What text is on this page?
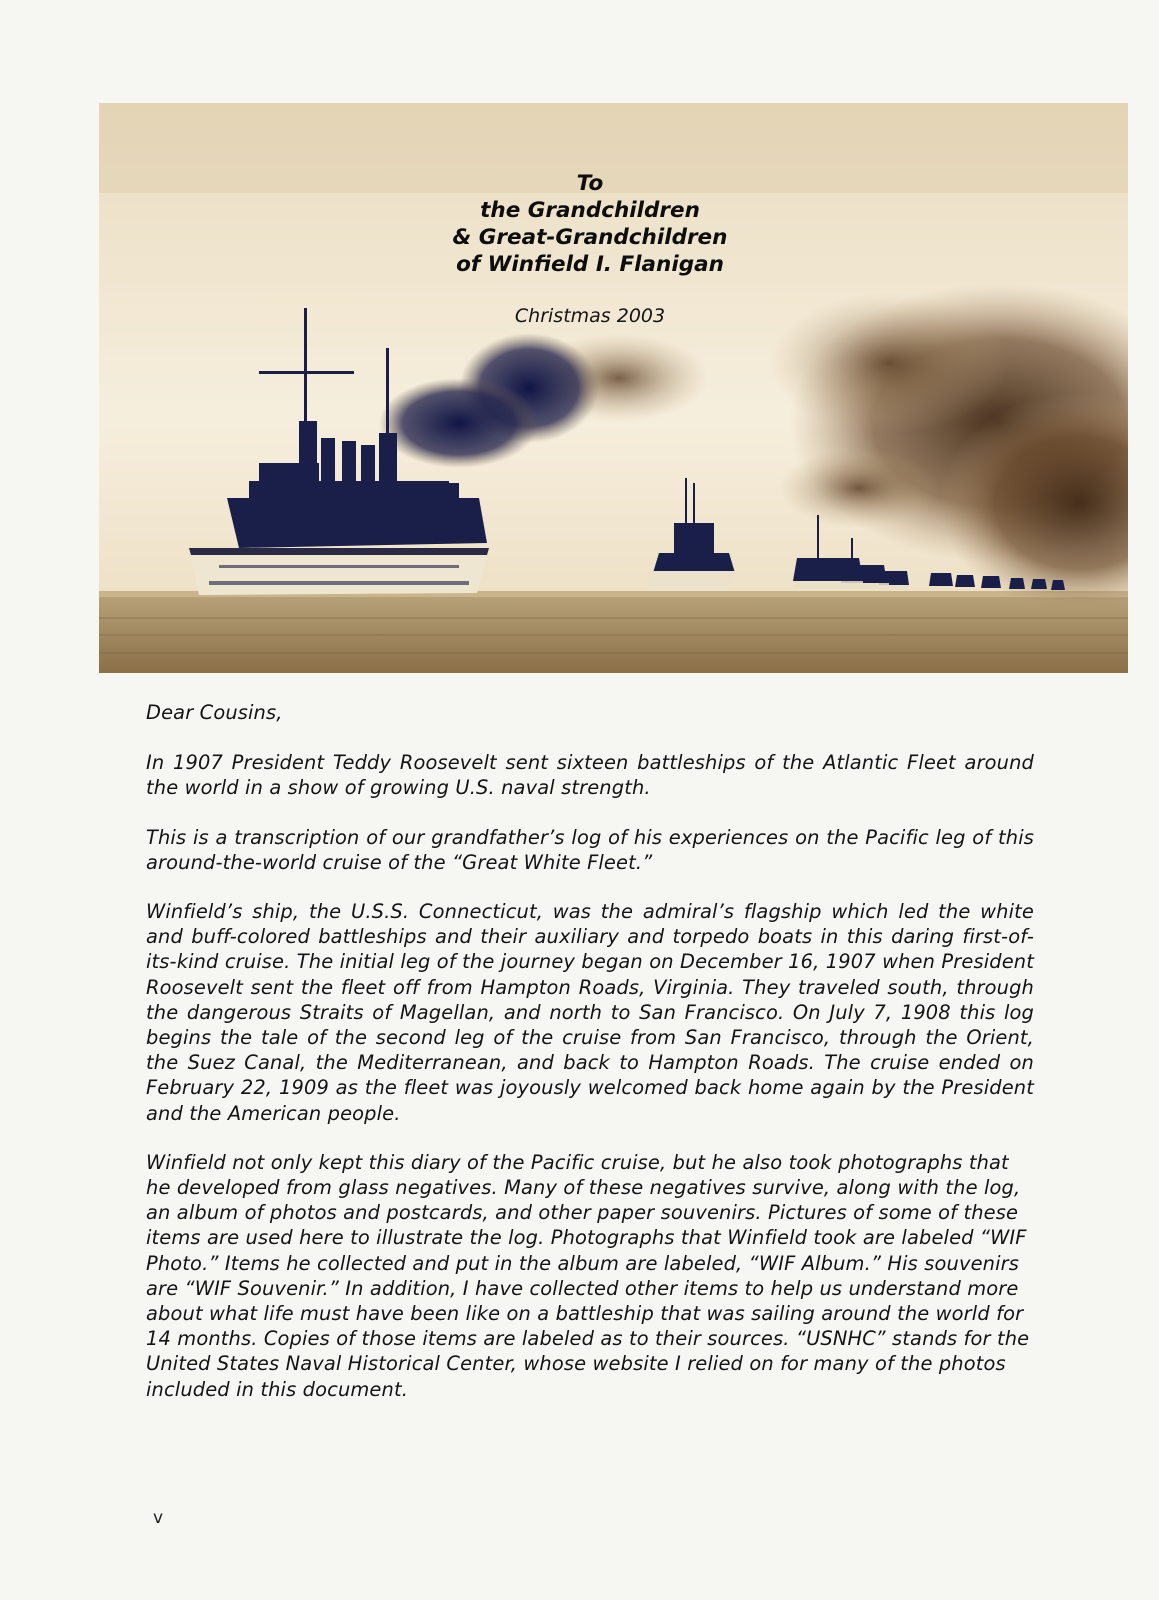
To
the Grandchildren
& Great-Grandchildren
of Winfield I. Flanigan
Christmas 2003

Dear Cousins,

In 1907 President Teddy Roosevelt sent sixteen battleships of the Atlantic Fleet around the world in a show of growing U.S. naval strength.

This is a transcription of our grandfather’s log of his experiences on the Pacific leg of this around-the-world cruise of the “Great White Fleet.”

Winfield’s ship, the U.S.S. Connecticut, was the admiral’s flagship which led the white and buff-colored battleships and their auxiliary and torpedo boats in this daring first-of-its-kind cruise. The initial leg of the journey began on December 16, 1907 when President Roosevelt sent the fleet off from Hampton Roads, Virginia. They traveled south, through the dangerous Straits of Magellan, and north to San Francisco. On July 7, 1908 this log begins the tale of the second leg of the cruise from San Francisco, through the Orient, the Suez Canal, the Mediterranean, and back to Hampton Roads. The cruise ended on February 22, 1909 as the fleet was joyously welcomed back home again by the President and the American people.

Winfield not only kept this diary of the Pacific cruise, but he also took photographs that he developed from glass negatives. Many of these negatives survive, along with the log, an album of photos and postcards, and other paper souvenirs. Pictures of some of these items are used here to illustrate the log. Photographs that Winfield took are labeled “WIF Photo.” Items he collected and put in the album are labeled, “WIF Album.” His souvenirs are “WIF Souvenir.” In addition, I have collected other items to help us understand more about what life must have been like on a battleship that was sailing around the world for 14 months. Copies of those items are labeled as to their sources. “USNHC” stands for the United States Naval Historical Center, whose website I relied on for many of the photos included in this document.

v
